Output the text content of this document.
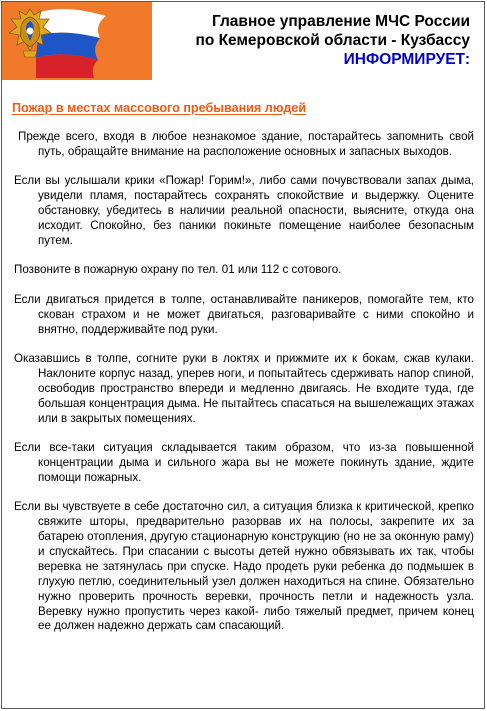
Главное управление МЧС России
по Кемеровской области - Кузбассу
ИНФОРМИРУЕТ:
Пожар в местах массового пребывания людей

Прежде всего, входя в любое незнакомое здание, постарайтесь запомнить свой путь, обращайте внимание на расположение основных и запасных выходов.

Если вы услышали крики «Пожар! Горим!», либо сами почувствовали запах дыма, увидели пламя, постарайтесь сохранять спокойствие и выдержку. Оцените обстановку, убедитесь в наличии реальной опасности, выясните, откуда она исходит. Спокойно, без паники покиньте помещение наиболее безопасным путем.

Позвоните в пожарную охрану по тел. 01 или 112 с сотового.

Если двигаться придется в толпе, останавливайте паникеров, помогайте тем, кто скован страхом и не может двигаться, разговаривайте с ними спокойно и внятно, поддерживайте под руки.

Оказавшись в толпе, согните руки в локтях и прижмите их к бокам, сжав кулаки. Наклоните корпус назад, уперев ноги, и попытайтесь сдерживать напор спиной, освободив пространство впереди и медленно двигаясь. Не входите туда, где большая концентрация дыма. Не пытайтесь спасаться на вышележащих этажах или в закрытых помещениях.

Если все-таки ситуация складывается таким образом, что из-за повышенной концентрации дыма и сильного жара вы не можете покинуть здание, ждите помощи пожарных.

Если вы чувствуете в себе достаточно сил, а ситуация близка к критической, крепко свяжите шторы, предварительно разорвав их на полосы, закрепите их за батарею отопления, другую стационарную конструкцию (но не за оконную раму) и спускайтесь. При спасании с высоты детей нужно обвязывать их так, чтобы веревка не затянулась при спуске. Надо продеть руки ребенка до подмышек в глухую петлю, соединительный узел должен находиться на спине. Обязательно нужно проверить прочность веревки, прочность петли и надежность узла. Веревку нужно пропустить через какой- либо тяжелый предмет, причем конец ее должен надежно держать сам спасающий.
